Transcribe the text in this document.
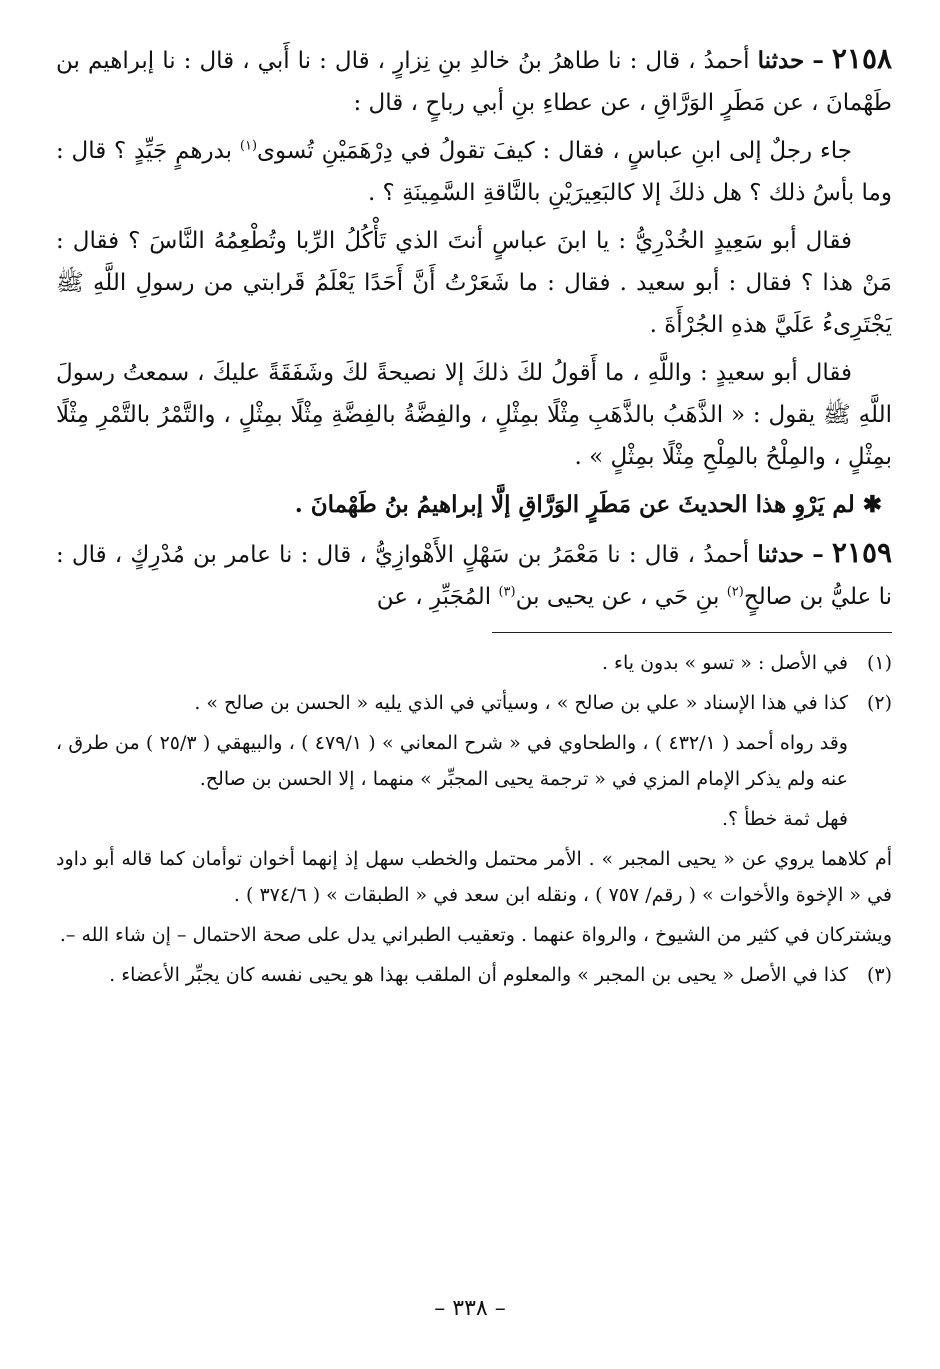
٢١٥٨ – حدثنا أحمدُ ، قال : نا طاهرُ بنُ خالدِ بنِ نِزارٍ ، قال : نا أَبي ، قال : نا إبراهيم بن طَهْمانَ ، عن مَطَرٍ الوَرَّاقِ ، عن عطاءِ بنِ أبي رباحٍ ، قال :

جاء رجلٌ إلى ابنِ عباسٍ ، فقال : كيفَ تقولُ في دِرْهَمَيْنِ تُسوى$^{(١)}$ بدرهمٍ جَيِّدٍ ؟ قال : وما بأسُ ذلك ؟ هل ذلكَ إلا كالبَعِيرَيْنِ بالنَّاقةِ السَّمِينَةِ ؟ .

فقال أبو سَعِيدٍ الخُدْرِيُّ : يا ابنَ عباسٍ أنتَ الذي تَأْكُلُ الرِّبا وتُطْعِمُهُ النَّاسَ ؟ فقال : مَنْ هذا ؟ فقال : أبو سعيد . فقال : ما شَعَرْتُ أَنَّ أَحَدًا يَعْلَمُ قَرابتي من رسولِ اللَّهِ ﷺ يَجْتَرِىءُ عَلَيَّ هذهِ الجُرْأَةَ .

فقال أبو سعيدٍ : واللَّهِ ، ما أَقولُ لكَ ذلكَ إلا نصيحةً لكَ وشَفَقَةً عليكَ ، سمعتُ رسولَ اللَّهِ ﷺ يقول : « الذَّهَبُ بالذَّهَبِ مِثْلًا بمِثْلٍ ، والفِضَّةُ بالفِضَّةِ مِثْلًا بمِثْلٍ ، والتَّمْرُ بالتَّمْرِ مِثْلًا بمِثْلٍ ، والمِلْحُ بالمِلْحِ مِثْلًا بمِثْلٍ » .

✱ لم يَرْوِ هذا الحديثَ عن مَطَرٍ الوَرَّاقِ إلَّا إبراهيمُ بنُ طَهْمانَ .

٢١٥٩ – حدثنا أحمدُ ، قال : نا مَعْمَرُ بن سَهْلٍ الأَهْوازِيُّ ، قال : نا عامر بن مُدْرِكٍ ، قال : نا عليُّ بن صالحٍ$^{(٢)}$ بنِ حَي ، عن يحيى بن$^{(٣)}$ المُجَبِّرِ ، عن

(١)في الأصل : « تسو » بدون ياء .

(٢)كذا في هذا الإسناد « علي بن صالح » ، وسيأتي في الذي يليه « الحسن بن صالح » .

وقد رواه أحمد ( ٤٣٢/١ ) ، والطحاوي في « شرح المعاني » ( ٤٧٩/١ ) ، والبيهقي ( ٢٥/٣ ) من طرق ، عنه ولم يذكر الإمام المزي في « ترجمة يحيى المجبِّر » منهما ، إلا الحسن بن صالح.

فهل ثمة خطأ ؟.

أم كلاهما يروي عن « يحيى المجبر » . الأمر محتمل والخطب سهل إذ إنهما أخوان توأمان كما قاله أبو داود في « الإخوة والأخوات » ( رقم/ ٧٥٧ ) ، ونقله ابن سعد في « الطبقات » ( ٣٧٤/٦ ) .

ويشتركان في كثير من الشيوخ ، والرواة عنهما . وتعقيب الطبراني يدل على صحة الاحتمال – إن شاء الله –.

(٣)كذا في الأصل « يحيى بن المجبر » والمعلوم أن الملقب بهذا هو يحيى نفسه كان يجبِّر الأعضاء .

– ٣٣٨ –
